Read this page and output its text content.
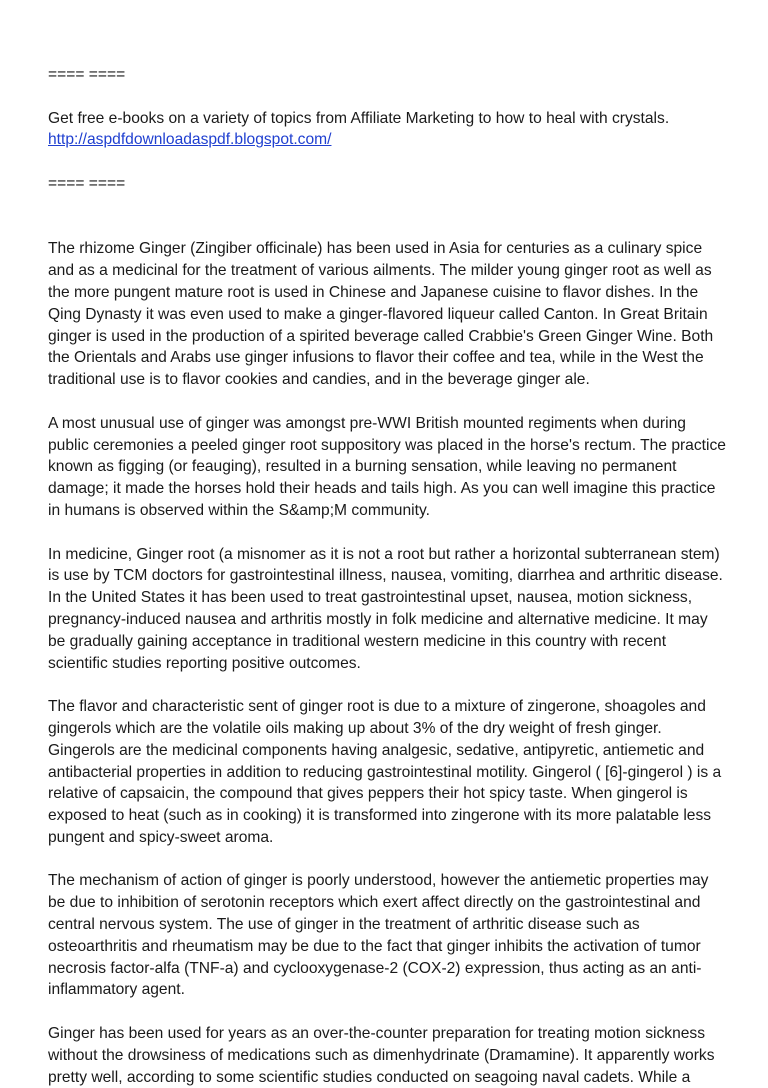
==== ====
Get free e-books on a variety of topics from Affiliate Marketing to how to heal with crystals.
http://aspdfdownloadaspdf.blogspot.com/
==== ====
The rhizome Ginger (Zingiber officinale) has been used in Asia for centuries as a culinary spice
and as a medicinal for the treatment of various ailments. The milder young ginger root as well as
the more pungent mature root is used in Chinese and Japanese cuisine to flavor dishes. In the
Qing Dynasty it was even used to make a ginger-flavored liqueur called Canton. In Great Britain
ginger is used in the production of a spirited beverage called Crabbie's Green Ginger Wine. Both
the Orientals and Arabs use ginger infusions to flavor their coffee and tea, while in the West the
traditional use is to flavor cookies and candies, and in the beverage ginger ale.
A most unusual use of ginger was amongst pre-WWI British mounted regiments when during
public ceremonies a peeled ginger root suppository was placed in the horse's rectum. The practice
known as figging (or feauging), resulted in a burning sensation, while leaving no permanent
damage; it made the horses hold their heads and tails high. As you can well imagine this practice
in humans is observed within the S&amp;M community.
In medicine, Ginger root (a misnomer as it is not a root but rather a horizontal subterranean stem)
is use by TCM doctors for gastrointestinal illness, nausea, vomiting, diarrhea and arthritic disease.
In the United States it has been used to treat gastrointestinal upset, nausea, motion sickness,
pregnancy-induced nausea and arthritis mostly in folk medicine and alternative medicine. It may
be gradually gaining acceptance in traditional western medicine in this country with recent
scientific studies reporting positive outcomes.
The flavor and characteristic sent of ginger root is due to a mixture of zingerone, shoagoles and
gingerols which are the volatile oils making up about 3% of the dry weight of fresh ginger.
Gingerols are the medicinal components having analgesic, sedative, antipyretic, antiemetic and
antibacterial properties in addition to reducing gastrointestinal motility. Gingerol ( [6]-gingerol ) is a
relative of capsaicin, the compound that gives peppers their hot spicy taste. When gingerol is
exposed to heat (such as in cooking) it is transformed into zingerone with its more palatable less
pungent and spicy-sweet aroma.
The mechanism of action of ginger is poorly understood, however the antiemetic properties may
be due to inhibition of serotonin receptors which exert affect directly on the gastrointestinal and
central nervous system. The use of ginger in the treatment of arthritic disease such as
osteoarthritis and rheumatism may be due to the fact that ginger inhibits the activation of tumor
necrosis factor-alfa (TNF-a) and cyclooxygenase-2 (COX-2) expression, thus acting as an anti-
inflammatory agent.
Ginger has been used for years as an over-the-counter preparation for treating motion sickness
without the drowsiness of medications such as dimenhydrinate (Dramamine). It apparently works
pretty well, according to some scientific studies conducted on seagoing naval cadets. While a
